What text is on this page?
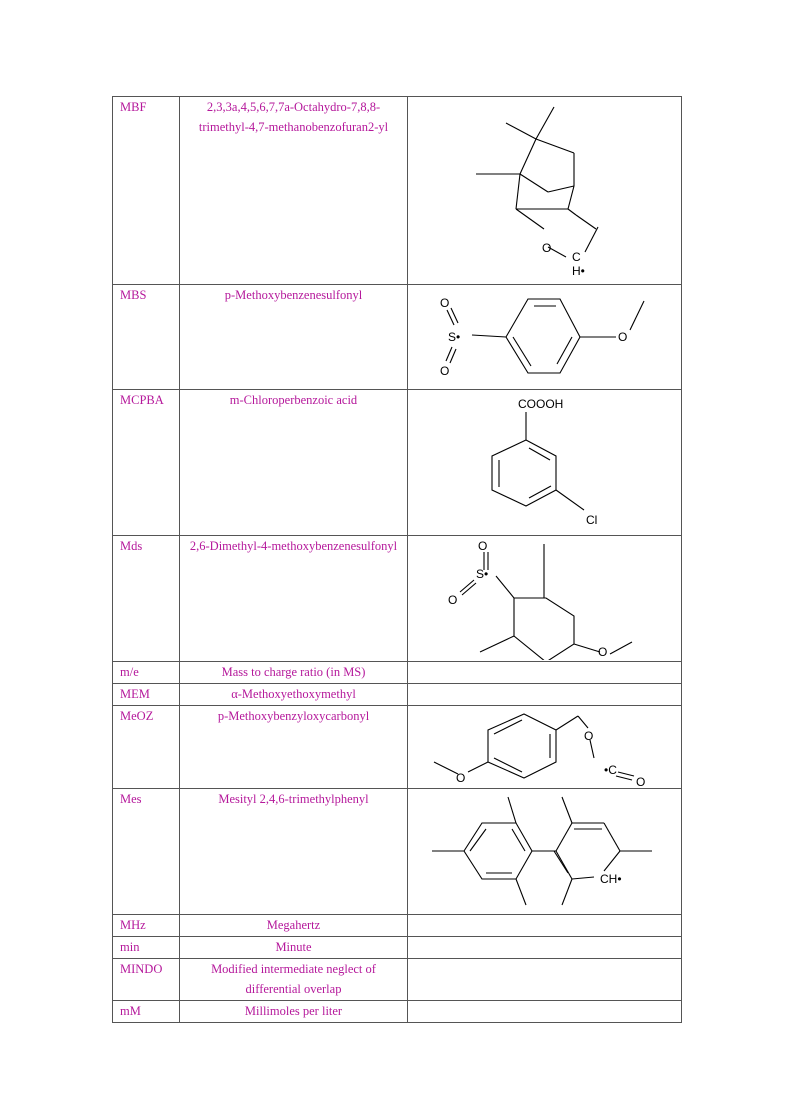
MBF	2,3,3a,4,5,6,7,7a-Octahydro-7,8,8-trimethyl-4,7-methanobenzofuran2-yl	O
C
H•

MBS	p-Methoxybenzenesulfonyl	O
S•
O
O

MCPBA	m-Chloroperbenzoic acid	COOOH
Cl

Mds	2,6-Dimethyl-4-methoxybenzenesulfonyl	O
S•
O
O

m/e	Mass to charge ratio (in MS)	

MEM	α-Methoxyethoxymethyl	

MeOZ	p-Methoxybenzyloxycarbonyl	O
O
•C
O

Mes	Mesityl 2,4,6-trimethylphenyl	CH•

MHz	Megahertz	

min	Minute	

MINDO	Modified intermediate neglect of differential overlap	

mM	Millimoles per liter	
